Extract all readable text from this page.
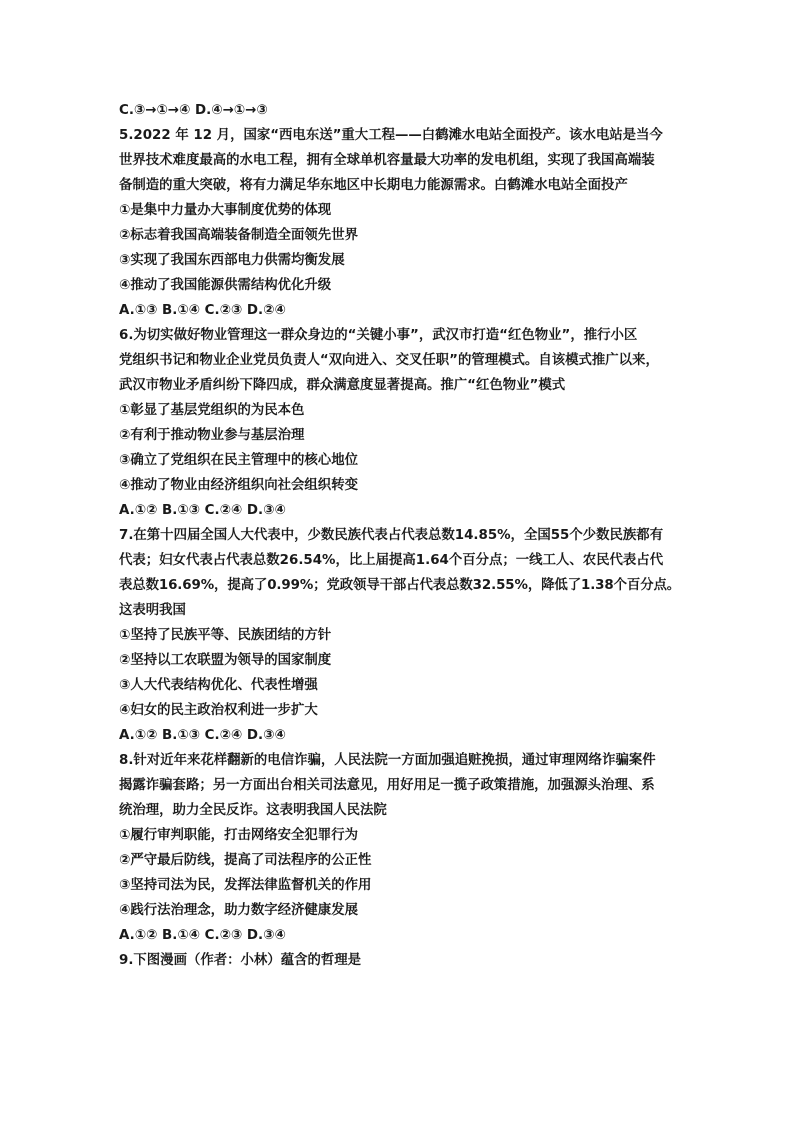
C.③→①→④ D.④→①→③
5.2022 年 12 月，国家“西电东送”重大工程——白鹤滩水电站全面投产。该水电站是当今
世界技术难度最高的水电工程，拥有全球单机容量最大功率的发电机组，实现了我国高端装
备制造的重大突破，将有力满足华东地区中长期电力能源需求。白鹤滩水电站全面投产
①是集中力量办大事制度优势的体现
②标志着我国高端装备制造全面领先世界
③实现了我国东西部电力供需均衡发展
④推动了我国能源供需结构优化升级
A.①③ B.①④ C.②③ D.②④
6.为切实做好物业管理这一群众身边的“关键小事”，武汉市打造“红色物业”，推行小区
党组织书记和物业企业党员负责人“双向进入、交叉任职”的管理模式。自该模式推广以来，
武汉市物业矛盾纠纷下降四成，群众满意度显著提高。推广“红色物业”模式
①彰显了基层党组织的为民本色
②有利于推动物业参与基层治理
③确立了党组织在民主管理中的核心地位
④推动了物业由经济组织向社会组织转变
A.①② B.①③ C.②④ D.③④
7.在第十四届全国人大代表中，少数民族代表占代表总数14.85%，全国55个少数民族都有
代表；妇女代表占代表总数26.54%，比上届提高1.64个百分点；一线工人、农民代表占代
表总数16.69%，提高了0.99%；党政领导干部占代表总数32.55%，降低了1.38个百分点。
这表明我国
①坚持了民族平等、民族团结的方针
②坚持以工农联盟为领导的国家制度
③人大代表结构优化、代表性增强
④妇女的民主政治权利进一步扩大
A.①② B.①③ C.②④ D.③④
8.针对近年来花样翻新的电信诈骗，人民法院一方面加强追赃挽损，通过审理网络诈骗案件
揭露诈骗套路；另一方面出台相关司法意见，用好用足一揽子政策措施，加强源头治理、系
统治理，助力全民反诈。这表明我国人民法院
①履行审判职能，打击网络安全犯罪行为
②严守最后防线，提高了司法程序的公正性
③坚持司法为民，发挥法律监督机关的作用
④践行法治理念，助力数字经济健康发展
A.①② B.①④ C.②③ D.③④
9.下图漫画（作者：小林）蕴含的哲理是
